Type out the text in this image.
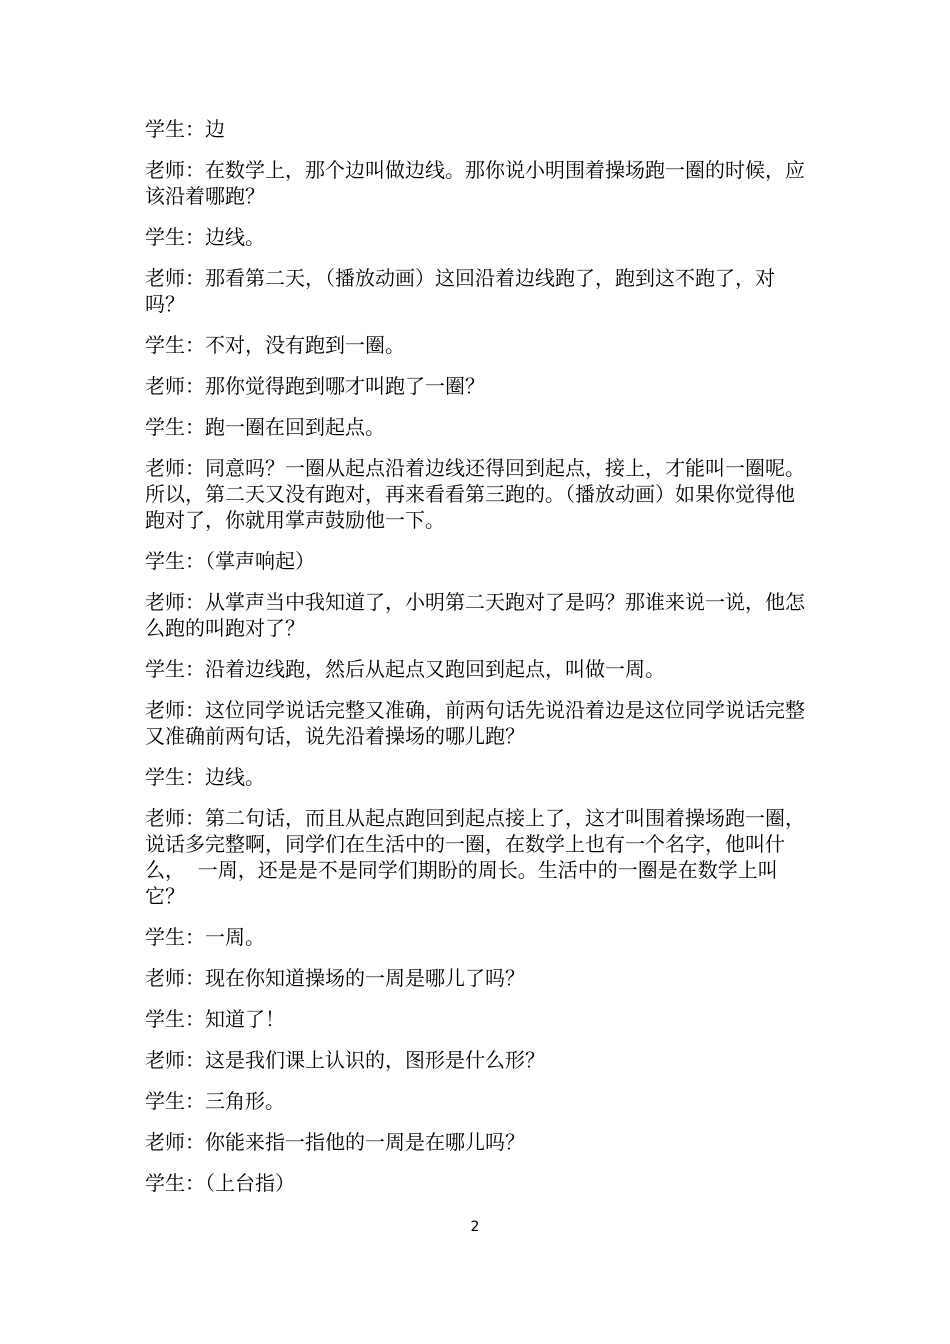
学生：边

老师：在数学上，那个边叫做边线。那你说小明围着操场跑一圈的时候，应该沿着哪跑？

学生：边线。

老师：那看第二天，（播放动画）这回沿着边线跑了，跑到这不跑了，对吗？

学生：不对，没有跑到一圈。

老师：那你觉得跑到哪才叫跑了一圈？

学生：跑一圈在回到起点。

老师：同意吗？一圈从起点沿着边线还得回到起点，接上，才能叫一圈呢。所以，第二天又没有跑对，再来看看第三跑的。（播放动画）如果你觉得他跑对了，你就用掌声鼓励他一下。

学生：（掌声响起）

老师：从掌声当中我知道了，小明第二天跑对了是吗？那谁来说一说，他怎么跑的叫跑对了？

学生：沿着边线跑，然后从起点又跑回到起点，叫做一周。

老师：这位同学说话完整又准确，前两句话先说沿着边是这位同学说话完整又准确前两句话，说先沿着操场的哪儿跑？

学生：边线。

老师：第二句话，而且从起点跑回到起点接上了，这才叫围着操场跑一圈，说话多完整啊，同学们在生活中的一圈，在数学上也有一个名字，他叫什么，  一周，还是是不是同学们期盼的周长。生活中的一圈是在数学上叫它？

学生：一周。

老师：现在你知道操场的一周是哪儿了吗？

学生：知道了！

老师：这是我们课上认识的，图形是什么形？

学生：三角形。

老师：你能来指一指他的一周是在哪儿吗？

学生：（上台指）

2
